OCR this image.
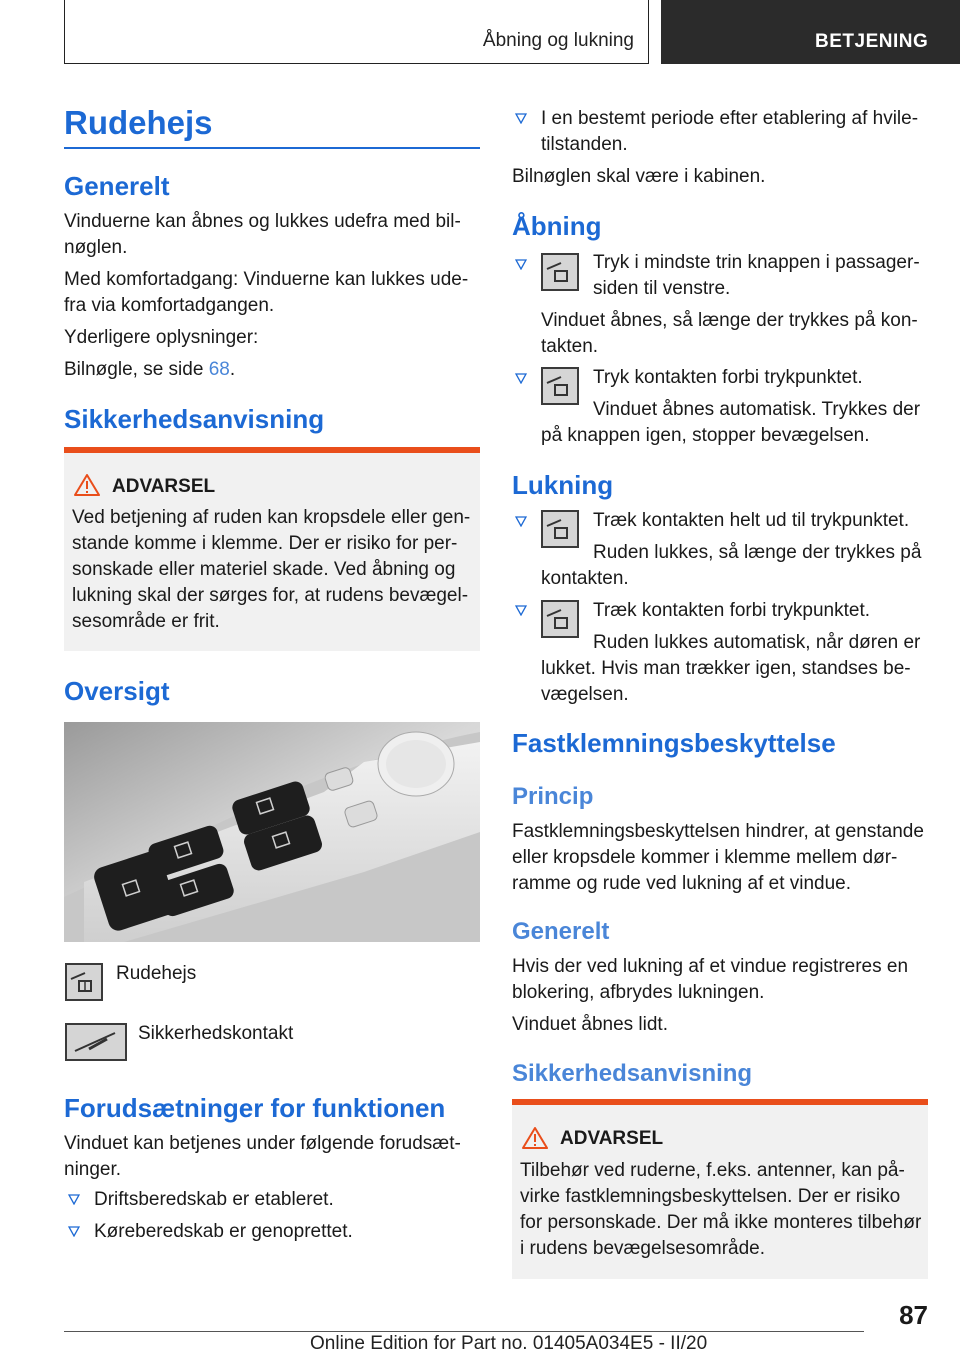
Åbning og lukning	BETJENING
Rudehejs
Generelt

Vinduerne kan åbnes og lukkes udefra med bil‐

nøglen.

Med komfortadgang: Vinduerne kan lukkes ude‐

fra via komfortadgangen.

Yderligere oplysninger:

Bilnøgle, se side 68.

Sikkerhedsanvisning
ADVARSEL

Ved betjening af ruden kan kropsdele eller gen‐

stande komme i klemme. Der er risiko for per‐

sonskade eller materiel skade. Ved åbning og

lukning skal der sørges for, at rudens bevægel‐

sesområde er frit.

Oversigt

Rudehejs

Sikkerhedskontakt

Forudsætninger for funktionen

Vinduet kan betjenes under følgende forudsæt‐

ninger.

Driftsberedskab er etableret.

Køreberedskab er genoprettet.

I en bestemt periode efter etablering af hvile‐

tilstanden.

Bilnøglen skal være i kabinen.

Åbning

Tryk i mindste trin knappen i passager‐

siden til venstre.

Vinduet åbnes, så længe der trykkes på kon‐

takten.

Tryk kontakten forbi trykpunktet.

Vinduet åbnes automatisk. Trykkes der

på knappen igen, stopper bevægelsen.

Lukning

Træk kontakten helt ud til trykpunktet.

Ruden lukkes, så længe der trykkes på

kontakten.

Træk kontakten forbi trykpunktet.

Ruden lukkes automatisk, når døren er

lukket. Hvis man trækker igen, standses be‐

vægelsen.

Fastklemningsbeskyttelse
Princip

Fastklemningsbeskyttelsen hindrer, at genstande

eller kropsdele kommer i klemme mellem dør‐

ramme og rude ved lukning af et vindue.

Generelt

Hvis der ved lukning af et vindue registreres en

blokering, afbrydes lukningen.

Vinduet åbnes lidt.

Sikkerhedsanvisning
ADVARSEL

Tilbehør ved ruderne, f.eks. antenner, kan på‐

virke fastklemningsbeskyttelsen. Der er risiko

for personskade. Der må ikke monteres tilbehør

i rudens bevægelsesområde.

87
Online Edition for Part no. 01405A034E5 - II/20
